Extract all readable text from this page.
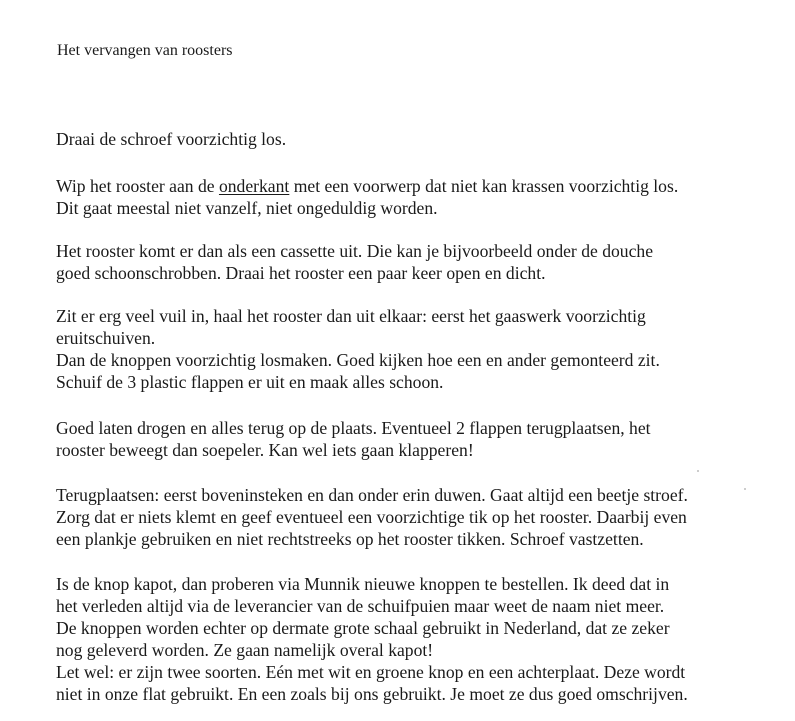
Het vervangen van roosters
Draai de schroef voorzichtig los.
Wip het rooster aan de onderkant met een voorwerp dat niet kan krassen voorzichtig los.
Dit gaat meestal niet vanzelf, niet ongeduldig worden.
Het rooster komt er dan als een cassette uit. Die kan je bijvoorbeeld onder de douche
goed schoonschrobben. Draai het rooster een paar keer open en dicht.
Zit er erg veel vuil in, haal het rooster dan uit elkaar: eerst het gaaswerk voorzichtig
eruitschuiven.
Dan de knoppen voorzichtig losmaken. Goed kijken hoe een en ander gemonteerd zit.
Schuif de 3 plastic flappen er uit en maak alles schoon.
Goed laten drogen en alles terug op de plaats. Eventueel 2 flappen terugplaatsen, het
rooster beweegt dan soepeler. Kan wel iets gaan klapperen!
Terugplaatsen: eerst boveninsteken en dan onder erin duwen. Gaat altijd een beetje stroef.
Zorg dat er niets klemt en geef eventueel een voorzichtige tik op het rooster. Daarbij even
een plankje gebruiken en niet rechtstreeks op het rooster tikken. Schroef vastzetten.
Is de knop kapot, dan proberen via Munnik nieuwe knoppen te bestellen. Ik deed dat in
het verleden altijd via de leverancier van de schuifpuien maar weet de naam niet meer.
De knoppen worden echter op dermate grote schaal gebruikt in Nederland, dat ze zeker
nog geleverd worden. Ze gaan namelijk overal kapot!
Let wel: er zijn twee soorten. Eén met wit en groene knop en een achterplaat. Deze wordt
niet in onze flat gebruikt. En een zoals bij ons gebruikt. Je moet ze dus goed omschrijven.
